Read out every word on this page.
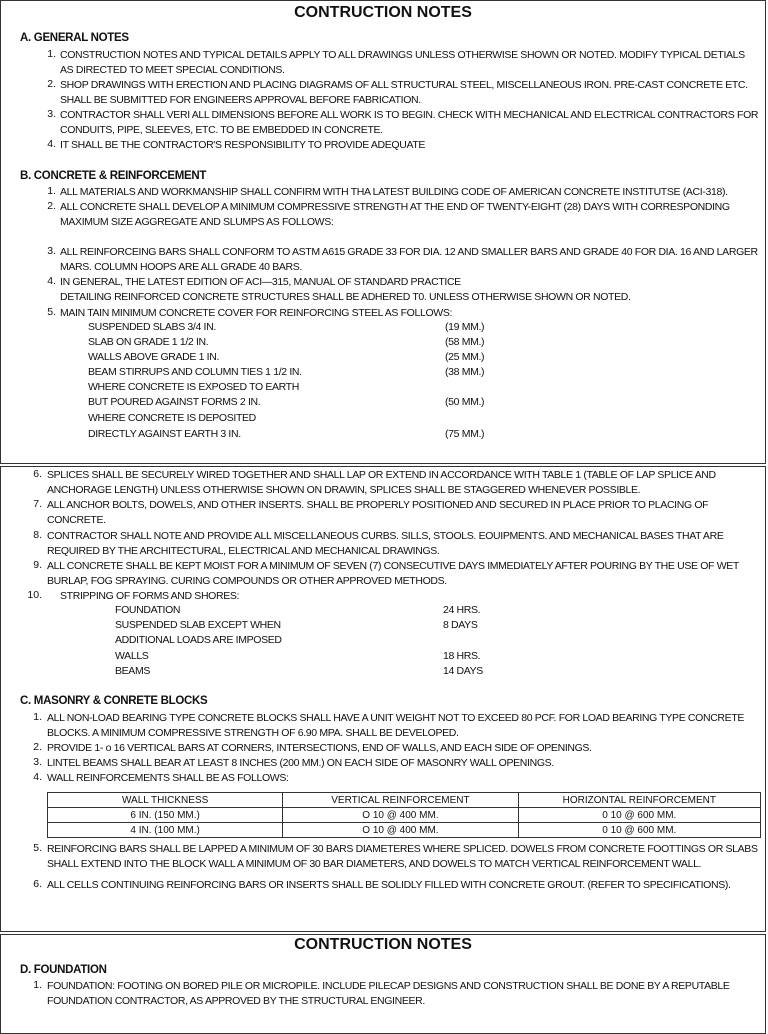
CONTRUCTION NOTES
A. GENERAL NOTES
1. CONSTRUCTION NOTES AND TYPICAL DETAILS APPLY TO ALL DRAWINGS UNLESS OTHERWISE SHOWN OR NOTED. MODIFY TYPICAL DETIALS
AS DIRECTED TO MEET SPECIAL CONDITIONS.
2. SHOP DRAWINGS WITH ERECTION AND PLACING DIAGRAMS OF ALL STRUCTURAL STEEL, MISCELLANEOUS IRON. PRE-CAST CONCRETE ETC.
SHALL BE SUBMITTED FOR ENGINEERS APPROVAL BEFORE FABRICATION.
3. CONTRACTOR SHALL VERI ALL DIMENSIONS BEFORE ALL WORK IS TO BEGIN. CHECK WITH MECHANICAL AND ELECTRICAL CONTRACTORS FOR
CONDUITS, PIPE, SLEEVES, ETC. TO BE EMBEDDED IN CONCRETE.
4. IT SHALL BE THE CONTRACTOR'S RESPONSIBILITY TO PROVIDE ADEQUATE
B. CONCRETE & REINFORCEMENT
1. ALL MATERIALS AND WORKMANSHIP SHALL CONFIRM WITH THA LATEST BUILDING CODE OF AMERICAN CONCRETE INSTITUTSE (ACI-318).
2. ALL CONCRETE SHALL DEVELOP A MINIMUM COMPRESSIVE STRENGTH AT THE END OF TWENTY-EIGHT (28) DAYS WITH CORRESPONDING
MAXIMUM SIZE AGGREGATE AND SLUMPS AS FOLLOWS:
3. ALL REINFORCEING BARS SHALL CONFORM TO ASTM A615 GRADE 33 FOR DIA. 12 AND SMALLER BARS AND GRADE 40 FOR DIA. 16 AND LARGER
MARS. COLUMN HOOPS ARE ALL GRADE 40 BARS.
4. IN GENERAL, THE LATEST EDITION OF ACI—315, MANUAL OF STANDARD PRACTICE
DETAILING REINFORCED CONCRETE STRUCTURES SHALL BE ADHERED T0. UNLESS OTHERWISE SHOWN OR NOTED.
5. MAIN TAIN MINIMUM CONCRETE COVER FOR REINFORCING STEEL AS FOLLOWS:
SUSPENDED SLABS 3/4 IN.	(19 MM.)
SLAB ON GRADE 1 1/2 IN.	(58 MM.)
WALLS ABOVE GRADE 1 IN.	(25 MM.)
BEAM STIRRUPS AND COLUMN TIES 1 1/2 IN.	(38 MM.)
WHERE CONCRETE IS EXPOSED TO EARTH
BUT POURED AGAINST FORMS 2 IN.	(50 MM.)
WHERE CONCRETE IS DEPOSITED
DIRECTLY AGAINST EARTH 3 IN.	(75 MM.)
6. SPLICES SHALL BE SECURELY WIRED TOGETHER AND SHALL LAP OR EXTEND IN ACCORDANCE WITH TABLE 1 (TABLE OF LAP SPLICE AND
ANCHORAGE LENGTH) UNLESS OTHERWISE SHOWN ON DRAWIN, SPLICES SHALL BE STAGGERED WHENEVER POSSIBLE.
7. ALL ANCHOR BOLTS, DOWELS, AND OTHER INSERTS. SHALL BE PROPERLY POSITIONED AND SECURED IN PLACE PRIOR TO PLACING OF
CONCRETE.
8. CONTRACTOR SHALL NOTE AND PROVIDE ALL MISCELLANEOUS CURBS. SILLS, STOOLS. EOUIPMENTS. AND MECHANICAL BASES THAT ARE
REQUIRED BY THE ARCHITECTURAL, ELECTRICAL AND MECHANICAL DRAWINGS.
9. ALL CONCRETE SHALL BE KEPT MOIST FOR A MINIMUM OF SEVEN (7) CONSECUTIVE DAYS IMMEDIATELY AFTER POURING BY THE USE OF WET
BURLAP, FOG SPRAYING. CURING COMPOUNDS OR OTHER APPROVED METHODS.
10. STRIPPING OF FORMS AND SHORES:
FOUNDATION	24 HRS.
SUSPENDED SLAB EXCEPT WHEN	8 DAYS
ADDITIONAL LOADS ARE IMPOSED
WALLS	18 HRS.
BEAMS	14 DAYS
C. MASONRY & CONRETE BLOCKS
1. ALL NON-LOAD BEARING TYPE CONCRETE BLOCKS SHALL HAVE A UNIT WEIGHT NOT TO EXCEED 80 PCF. FOR LOAD BEARING TYPE CONCRETE
BLOCKS. A MINIMUM COMPRESSIVE STRENGTH OF 6.90 MPA. SHALL BE DEVELOPED.
2. PROVIDE 1- o 16 VERTICAL BARS AT CORNERS, INTERSECTIONS, END OF WALLS, AND EACH SIDE OF OPENINGS.
3. LINTEL BEAMS SHALL BEAR AT LEAST 8 INCHES (200 MM.) ON EACH SIDE OF MASONRY WALL OPENINGS.
4. WALL REINFORCEMENTS SHALL BE AS FOLLOWS:
WALL THICKNESS	VERTICAL REINFORCEMENT	HORIZONTAL REINFORCEMENT
6 IN. (150 MM.)	O 10 @ 400 MM.	0 10 @ 600 MM.
4 IN. (100 MM.)	O 10 @ 400 MM.	0 10 @ 600 MM.
5. REINFORCING BARS SHALL BE LAPPED A MINIMUM OF 30 BARS DIAMETERES WHERE SPLICED. DOWELS FROM CONCRETE FOOTTINGS OR SLABS
SHALL EXTEND INTO THE BLOCK WALL A MINIMUM OF 30 BAR DIAMETERS, AND DOWELS TO MATCH VERTICAL REINFORCEMENT WALL.
6. ALL CELLS CONTINUING REINFORCING BARS OR INSERTS SHALL BE SOLIDLY FILLED WITH CONCRETE GROUT. (REFER TO SPECIFICATIONS).
CONTRUCTION NOTES
D. FOUNDATION
1. FOUNDATION: FOOTING ON BORED PILE OR MICROPILE. INCLUDE PILECAP DESIGNS AND CONSTRUCTION SHALL BE DONE BY A REPUTABLE
FOUNDATION CONTRACTOR, AS APPROVED BY THE STRUCTURAL ENGINEER.
